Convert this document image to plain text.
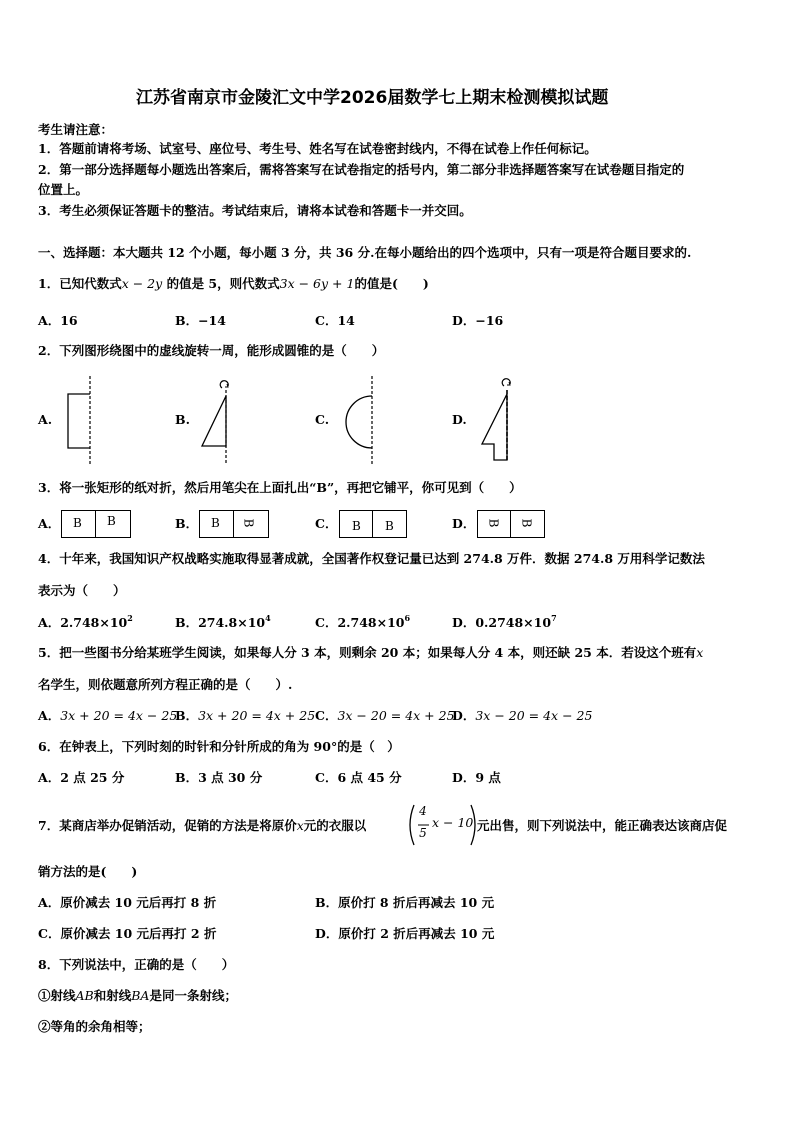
江苏省南京市金陵汇文中学2026届数学七上期末检测模拟试题
考生请注意：
1．答题前请将考场、试室号、座位号、考生号、姓名写在试卷密封线内，不得在试卷上作任何标记。
2．第一部分选择题每小题选出答案后，需将答案写在试卷指定的括号内，第二部分非选择题答案写在试卷题目指定的
位置上。
3．考生必须保证答题卡的整洁。考试结束后，请将本试卷和答题卡一并交回。
一、选择题：本大题共 12 个小题，每小题 3 分，共 36 分.在每小题给出的四个选项中，只有一项是符合题目要求的.
1．已知代数式x − 2y 的值是 5，则代数式3x − 6y + 1的值是(　　)
A．16	B．−14	C．14	D．−16
2．下列图形绕图中的虚线旋转一周，能形成圆锥的是（　　）
A.	B.	C.	D.
3．将一张矩形的纸对折，然后用笔尖在上面扎出“B”，再把它铺平，你可见到（　　）
A．	B．	C．	D．
B B	B B	B B	B B
4．十年来，我国知识产权战略实施取得显著成就，全国著作权登记量已达到 274.8 万件．数据 274.8 万用科学记数法
表示为（　　）
A．$2.748\times 10^2$	B．$274.8\times 10^4$	C．$2.748\times 10^6$	D．$0.2748\times 10^7$
5．把一些图书分给某班学生阅读，如果每人分 3 本，则剩余 20 本；如果每人分 4 本，则还缺 25 本．若设这个班有x
名学生，则依题意所列方程正确的是（　　）.
A．3x + 20 = 4x − 25
B．3x + 20 = 4x + 25 C．3x − 20 = 4x + 25
D．3x − 20 = 4x − 25
6．在钟表上，下列时刻的时针和分针所成的角为 90°的是（　）
A．2 点 25 分	B．3 点 30 分	C．6 点 45 分	D．9 点
7．某商店举办促销活动，促销的方法是将原价x元的衣服以
4
5
x − 10 元出售，则下列说法中，能正确表达该商店促
销方法的是(　　)
A．原价减去 10 元后再打 8 折	B．原价打 8 折后再减去 10 元
C．原价减去 10 元后再打 2 折	D．原价打 2 折后再减去 10 元
8．下列说法中，正确的是（　　）
①射线AB和射线BA是同一条射线；
②等角的余角相等；
